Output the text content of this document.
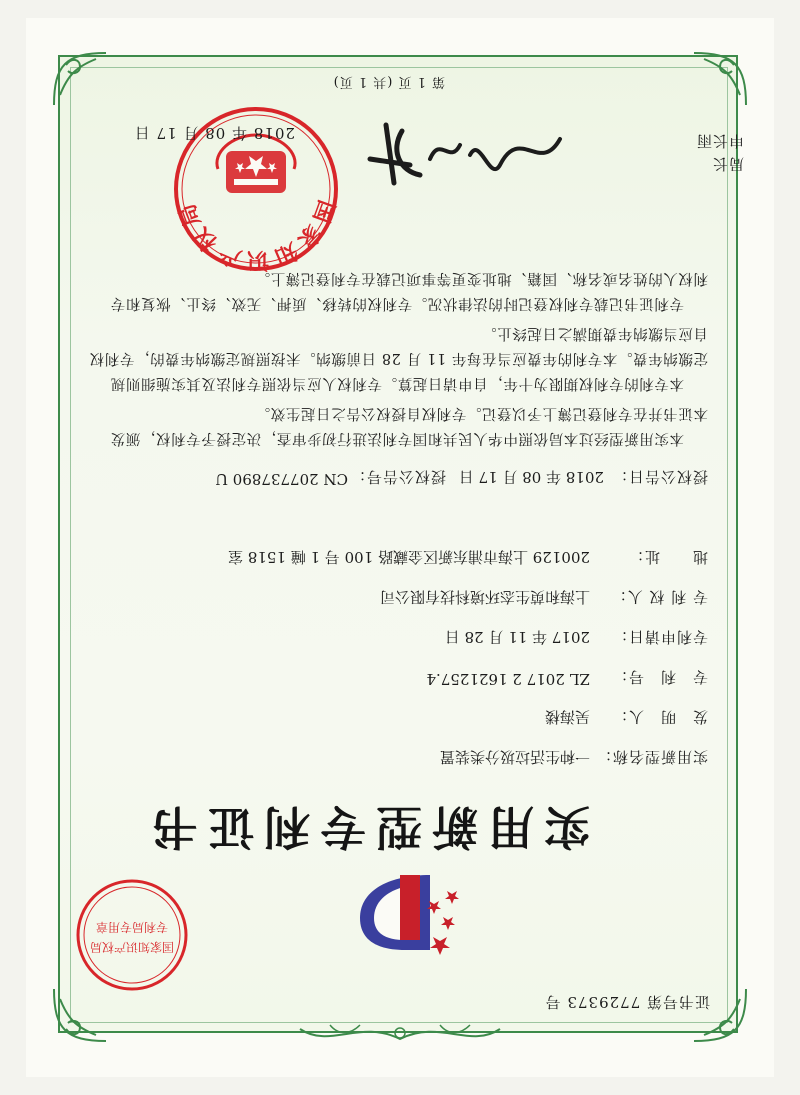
证书号第 7729373 号
国家知识产权局
专利局专用章
实用新型专利证书
实用新型名称：
一种生活垃圾分类装置
发　明　人：
吴海楼
专　利　号：
ZL 2017 2 1621257.4
专利申请日：
2017 年 11 月 28 日
专 利 权 人：
上海和萸生态环境科技有限公司
地　　址：
200129 上海市浦东新区金藏路 100 号 1 幢 1518 室
授权公告日：
2018 年 08 月 17 日
授权公告号：
CN 207737890 U
本实用新型经过本局依照中华人民共和国专利法进行初步审查，决定授予专利权，颁发
本证书并在专利登记簿上予以登记。专利权自授权公告之日起生效。
本专利的专利权期限为十年，自申请日起算。专利权人应当依照专利法及其实施细则规
定缴纳年费。本专利的年费应当在每年 11 月 28 日前缴纳。未按照规定缴纳年费的，专利权
自应当缴纳年费期满之日起终止。
专利证书记载专利权登记时的法律状况。专利权的转移、质押、无效、终止、恢复和专
利权人的姓名或名称、国籍、地址变更等事项记载在专利登记簿上。
国家知识产权局
局长
申长雨
2018 年 08 月 17 日
第 1 页 (共 1 页)
